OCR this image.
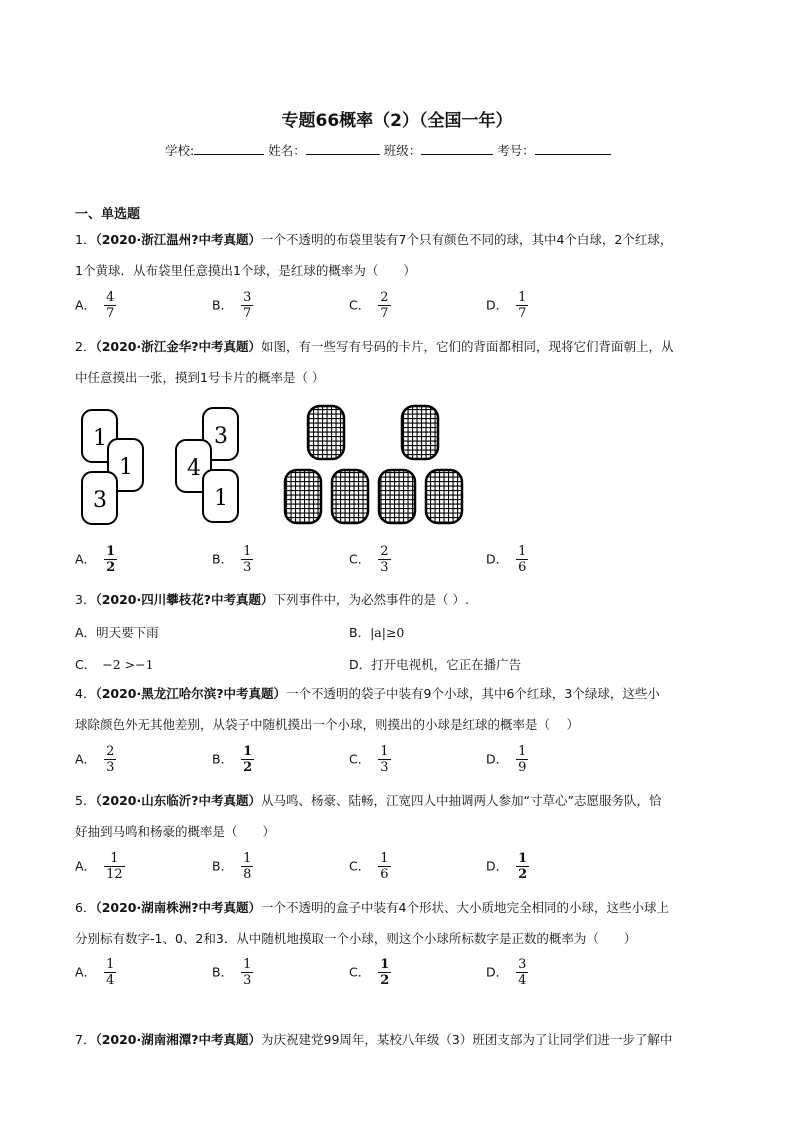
专题66概率（2）（全国一年）
学校:	姓名：	班级：	考号：
一、单选题
1．（2020·浙江温州?中考真题）一个不透明的布袋里装有7个只有颜色不同的球，其中4个白球，2个红球，
1个黄球．从布袋里任意摸出1个球，是红球的概率为（　　）
A． $\frac{4}{7}$	B． $\frac{3}{7}$	C． $\frac{2}{7}$	D． $\frac{1}{7}$
2．（2020·浙江金华?中考真题）如图，有一些写有号码的卡片，它们的背面都相同，现将它们背面朝上，从
中任意摸出一张，摸到1号卡片的概率是（ ）
1
1
3
3
4
1
A． $\frac{1}{2}$	B． $\frac{1}{3}$	C． $\frac{2}{3}$	D． $\frac{1}{6}$
3．（2020·四川攀枝花?中考真题）下列事件中，为必然事件的是（ ）.
A．明天要下雨	B．|a|≥0
C． −2 >−1	D．打开电视机，它正在播广告
4．（2020·黑龙江哈尔滨?中考真题）一个不透明的袋子中装有9个小球，其中6个红球，3个绿球，这些小
球除颜色外无其他差别，从袋子中随机摸出一个小球，则摸出的小球是红球的概率是（　 ）
A． $\frac{2}{3}$	B． $\frac{1}{2}$	C． $\frac{1}{3}$	D． $\frac{1}{9}$
5．（2020·山东临沂?中考真题）从马鸣、杨豪、陆畅，江宽四人中抽调两人参加“寸草心”志愿服务队，恰
好抽到马鸣和杨豪的概率是（　　）
A． $\frac{1}{12}$	B． $\frac{1}{8}$	C． $\frac{1}{6}$	D． $\frac{1}{2}$
6．（2020·湖南株洲?中考真题）一个不透明的盒子中装有4个形状、大小质地完全相同的小球，这些小球上
分别标有数字-1、0、2和3．从中随机地摸取一个小球，则这个小球所标数字是正数的概率为（　　）
A． $\frac{1}{4}$	B． $\frac{1}{3}$	C． $\frac{1}{2}$	D． $\frac{3}{4}$
7．（2020·湖南湘潭?中考真题）为庆祝建党99周年，某校八年级（3）班团支部为了让同学们进一步了解中
